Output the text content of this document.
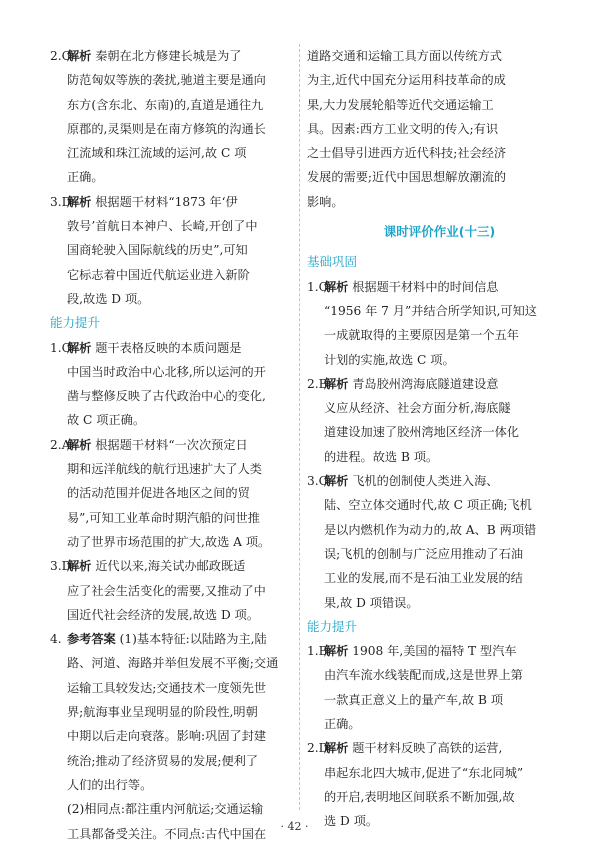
2.C
解析
秦朝在北方修建长城是为了
防范匈奴等族的袭扰,驰道主要是通向
东方(含东北、东南)的,直道是通往九
原郡的,灵渠则是在南方修筑的沟通长
江流域和珠江流域的运河,故 C 项
正确。
3.D
解析
根据题干材料“1873 年‘伊
敦号’首航日本神户、长崎,开创了中
国商轮驶入国际航线的历史”,可知
它标志着中国近代航运业进入新阶
段,故选 D 项。
能力提升
1.C
解析
题干表格反映的本质问题是
中国当时政治中心北移,所以运河的开
凿与整修反映了古代政治中心的变化,
故 C 项正确。
2.A
解析
根据题干材料“一次次预定日
期和远洋航线的航行迅速扩大了人类
的活动范围并促进各地区之间的贸
易”,可知工业革命时期汽船的问世推
动了世界市场范围的扩大,故选 A 项。
3.D
解析
近代以来,海关试办邮政既适
应了社会生活变化的需要,又推动了中
国近代社会经济的发展,故选 D 项。
4. 参考答案
(1)基本特征:以陆路为主,陆
路、河道、海路并举但发展不平衡;交通
运输工具较发达;交通技术一度领先世
界;航海事业呈现明显的阶段性,明朝
中期以后走向衰落。影响:巩固了封建
统治;推动了经济贸易的发展;便利了
人们的出行等。
(2)相同点:都注重内河航运;交通运输
工具都备受关注。不同点:古代中国在
道路交通和运输工具方面以传统方式
为主,近代中国充分运用科技革命的成
果,大力发展轮船等近代交通运输工
具。因素:西方工业文明的传入;有识
之士倡导引进西方近代科技;社会经济
发展的需要;近代中国思想解放潮流的
影响。
课时评价作业(十三)
基础巩固
1.C
解析
根据题干材料中的时间信息
“1956 年 7 月”并结合所学知识,可知这
一成就取得的主要原因是第一个五年
计划的实施,故选 C 项。
2.B
解析
青岛胶州湾海底隧道建设意
义应从经济、社会方面分析,海底隧
道建设加速了胶州湾地区经济一体化
的进程。故选 B 项。
3.C
解析
飞机的创制使人类进入海、
陆、空立体交通时代,故 C 项正确;飞机
是以内燃机作为动力的,故 A、B 两项错
误;飞机的创制与广泛应用推动了石油
工业的发展,而不是石油工业发展的结
果,故 D 项错误。
能力提升
1.B
解析
1908 年,美国的福特 T 型汽车
由汽车流水线装配而成,这是世界上第
一款真正意义上的量产车,故 B 项
正确。
2.D
解析
题干材料反映了高铁的运营,
串起东北四大城市,促进了“东北同城”
的开启,表明地区间联系不断加强,故
选 D 项。
· 42 ·
